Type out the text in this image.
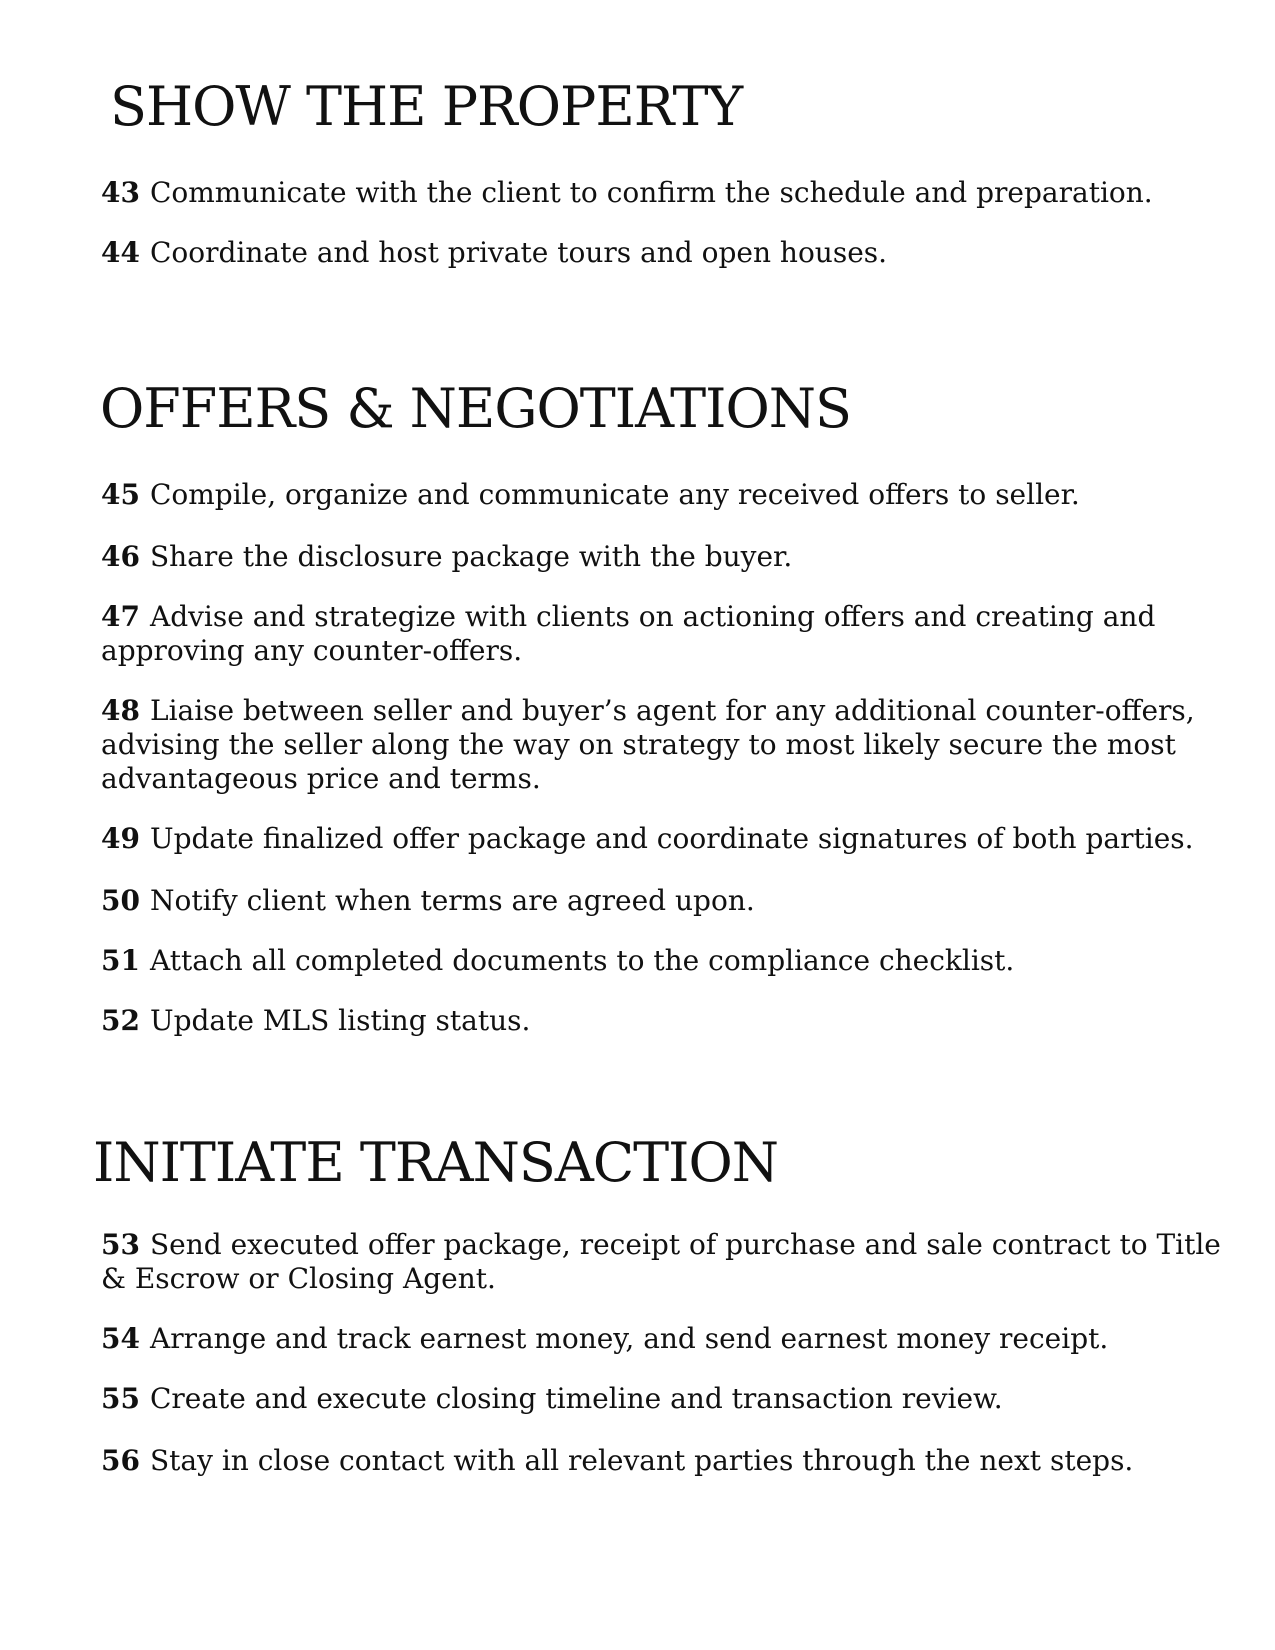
SHOW THE PROPERTY
43 Communicate with the client to confirm the schedule and preparation.
44 Coordinate and host private tours and open houses.
OFFERS & NEGOTIATIONS
45 Compile, organize and communicate any received offers to seller.
46 Share the disclosure package with the buyer.
47 Advise and strategize with clients on actioning offers and creating and approving any counter-offers.
48 Liaise between seller and buyer’s agent for any additional counter-offers, advising the seller along the way on strategy to most likely secure the most advantageous price and terms.
49 Update finalized offer package and coordinate signatures of both parties.
50 Notify client when terms are agreed upon.
51 Attach all completed documents to the compliance checklist.
52 Update MLS listing status.
INITIATE TRANSACTION
53 Send executed offer package, receipt of purchase and sale contract to Title & Escrow or Closing Agent.
54 Arrange and track earnest money, and send earnest money receipt.
55 Create and execute closing timeline and transaction review.
56 Stay in close contact with all relevant parties through the next steps.
